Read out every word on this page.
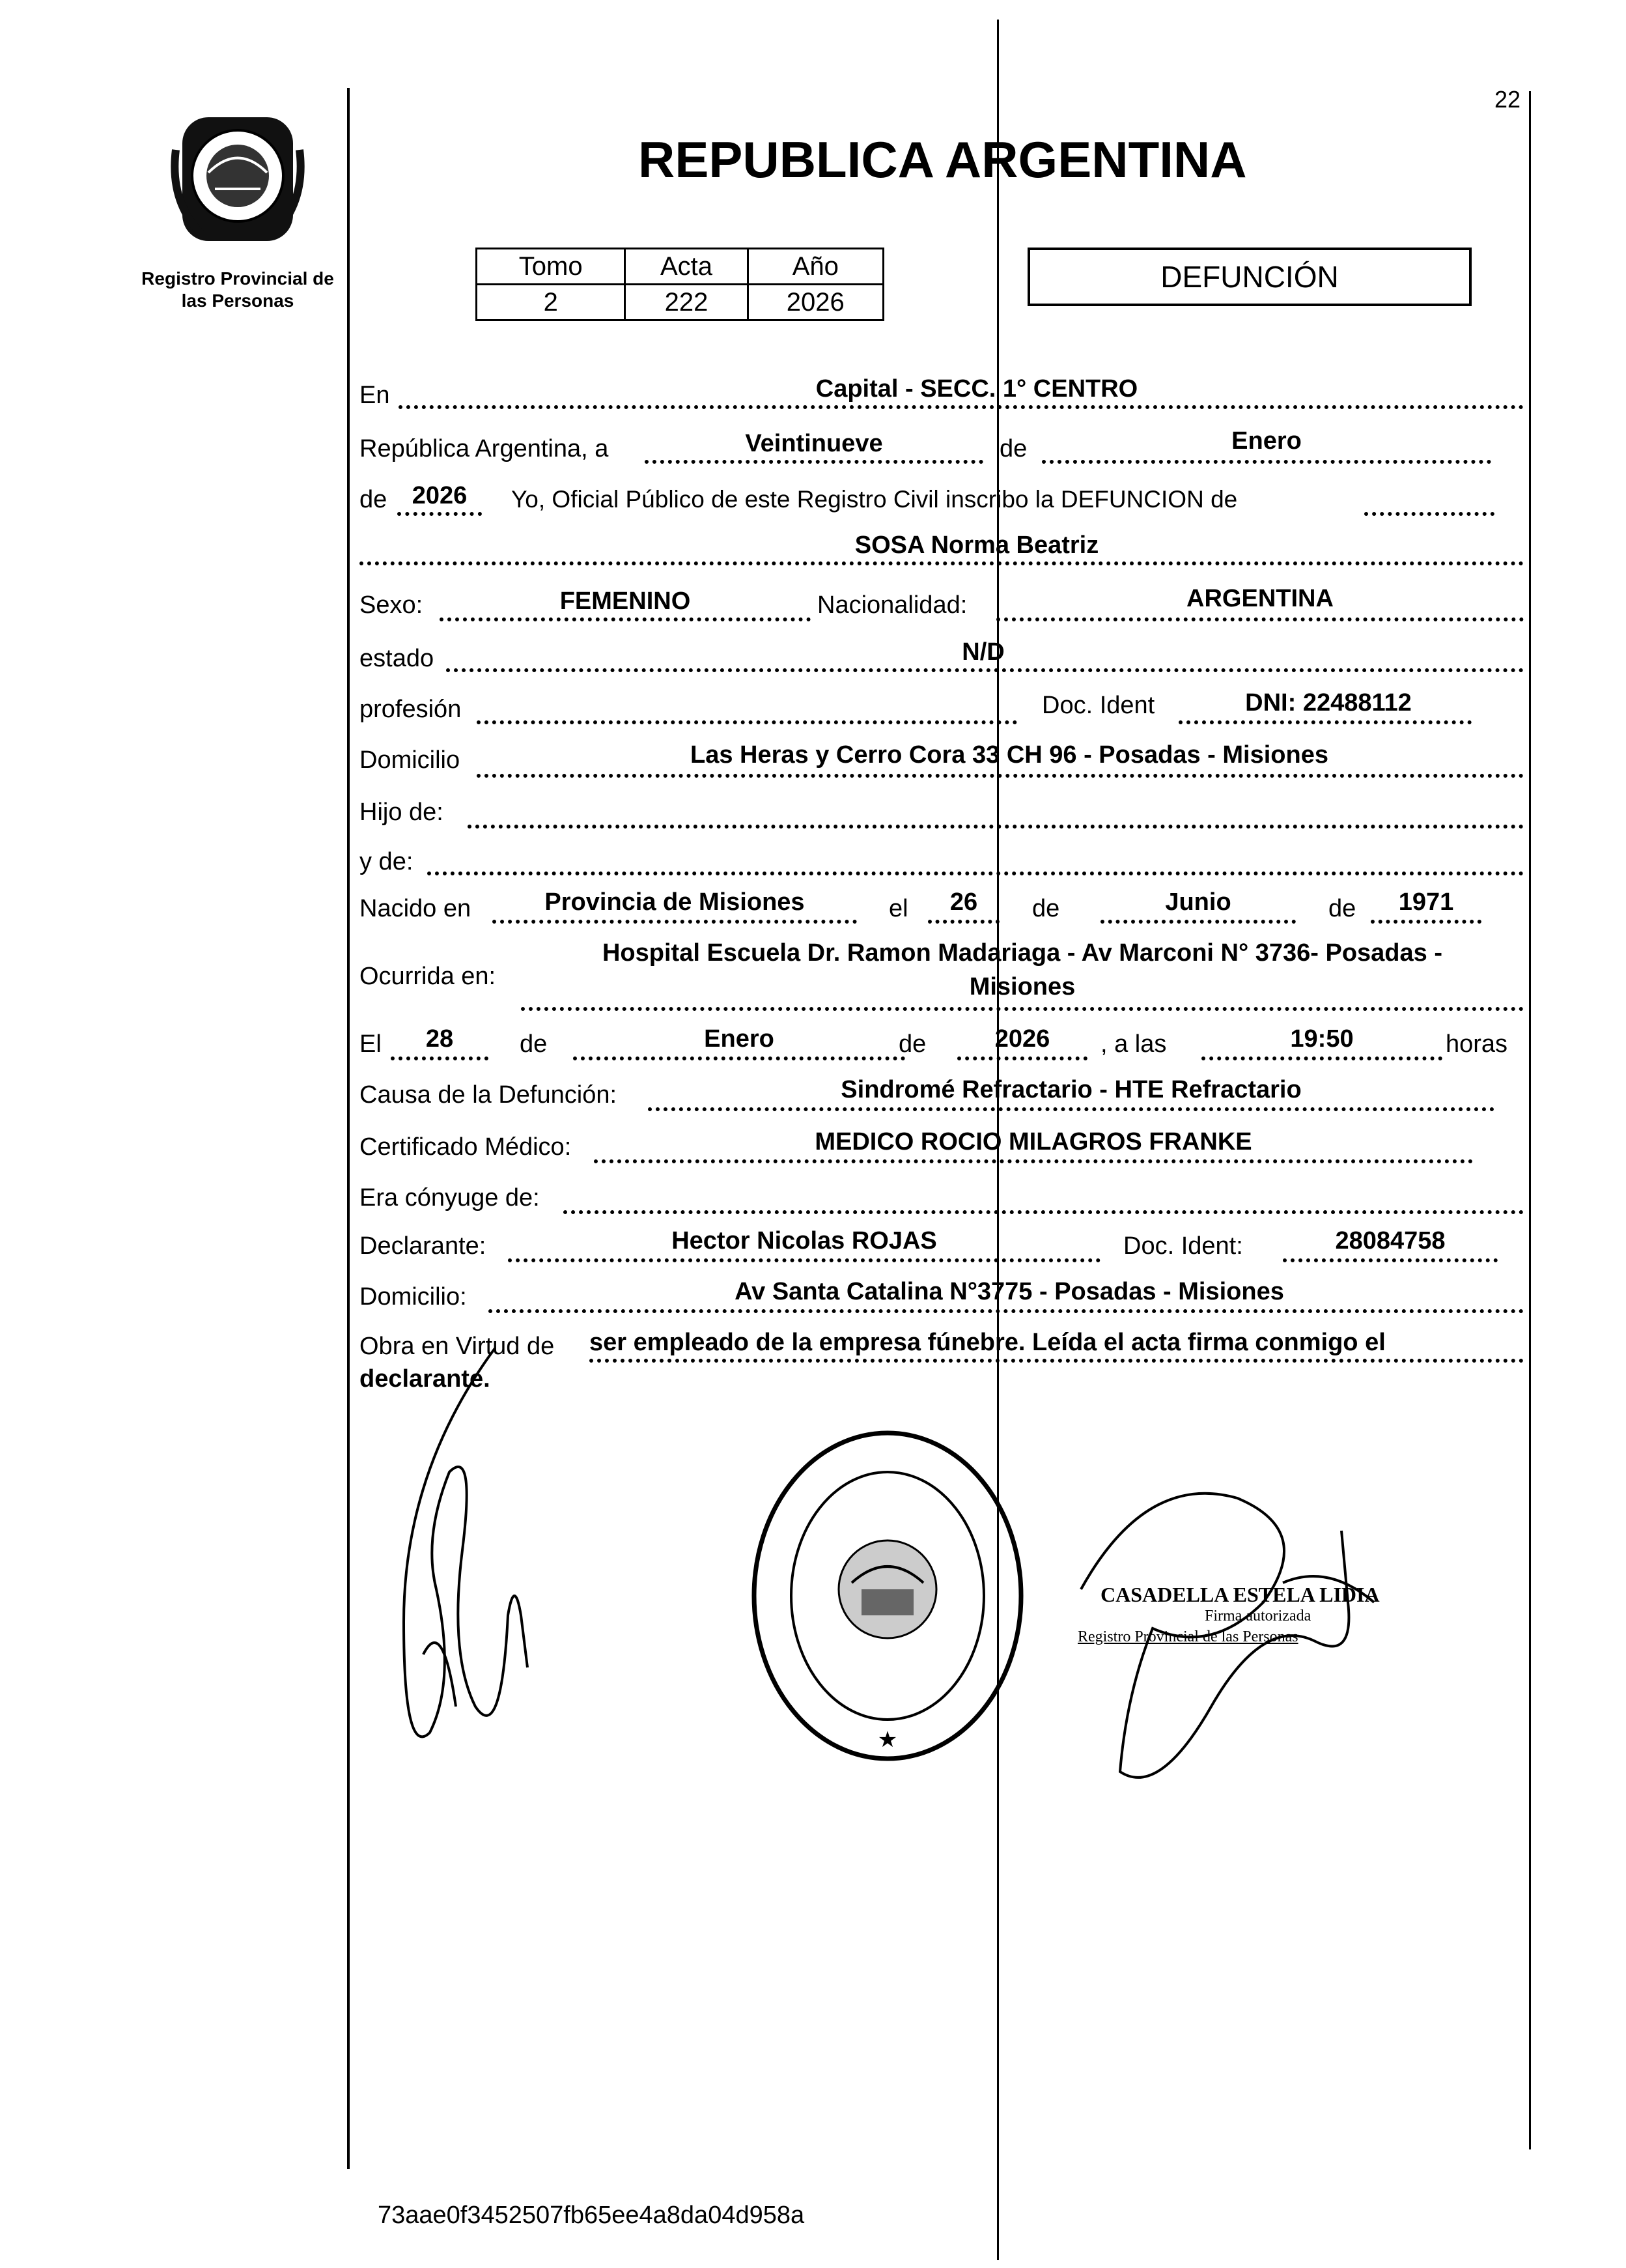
22
Registro Provincial de
las Personas
REPUBLICA ARGENTINA
Tomo	Acta	Año
2	222	2026
DEFUNCIÓN
En	Capital - SECC. 1° CENTRO
República Argentina, a	Veintinueve	de	Enero
de	2026	Yo, Oficial Público de este Registro Civil inscribo la DEFUNCION de
SOSA Norma Beatriz
Sexo:	FEMENINO	Nacionalidad:	ARGENTINA
estado	N/D
profesión	Doc. Ident	DNI: 22488112
Domicilio	Las Heras y Cerro Cora 33 CH 96 - Posadas - Misiones
Hijo de:
y de:
Nacido en	Provincia de Misiones	el	26	de	Junio	de	1971
Ocurrida en:
Hospital Escuela Dr. Ramon Madariaga - Av Marconi N° 3736- Posadas -
Misiones
El	28	de	Enero	de	2026	, a las	19:50	horas
Causa de la Defunción:	Sindromé Refractario - HTE Refractario
Certificado Médico:	MEDICO ROCIO MILAGROS FRANKE
Era cónyuge de:
Declarante:	Hector Nicolas ROJAS	Doc. Ident:	28084758
Domicilio:	Av Santa Catalina N°3775 - Posadas - Misiones
Obra en Virtud de ser empleado de la empresa fúnebre. Leída el acta firma conmigo el
declarante.
★
CASADELLA ESTELA LIDIA
Firma autorizada
Registro Provincial de las Personas
73aae0f3452507fb65ee4a8da04d958a
